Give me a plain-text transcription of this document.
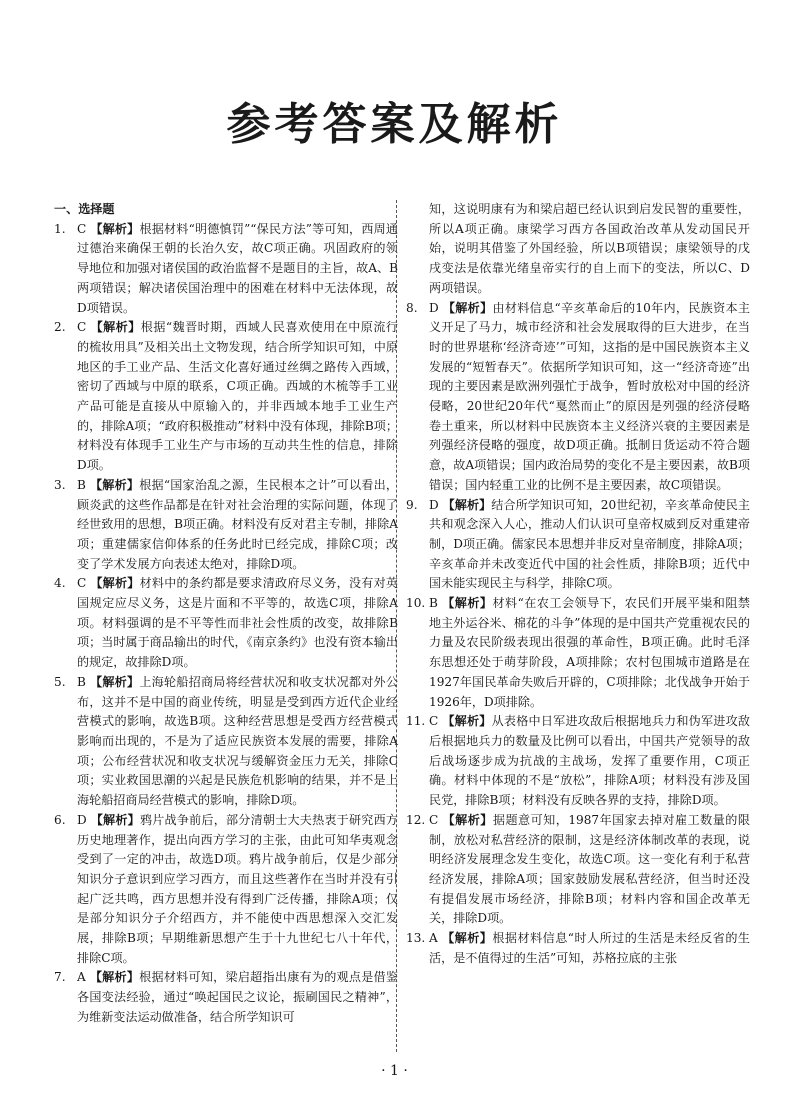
参考答案及解析

一、选择题

1. C 【解析】根据材料“明德慎罚”“保民方法”等可知，西周通过德治来确保王朝的长治久安，故C项正确。巩固政府的领导地位和加强对诸侯国的政治监督不是题目的主旨，故A、B两项错误；解决诸侯国治理中的困难在材料中无法体现，故D项错误。

2. C 【解析】根据“魏晋时期，西域人民喜欢使用在中原流行的梳妆用具”及相关出土文物发现，结合所学知识可知，中原地区的手工业产品、生活文化喜好通过丝绸之路传入西域，密切了西域与中原的联系，C项正确。西域的木梳等手工业产品可能是直接从中原输入的，并非西域本地手工业生产的，排除A项；“政府积极推动”材料中没有体现，排除B项；材料没有体现手工业生产与市场的互动共生性的信息，排除D项。

3. B 【解析】根据“国家治乱之源，生民根本之计”可以看出，顾炎武的这些作品都是在针对社会治理的实际问题，体现了经世致用的思想，B项正确。材料没有反对君主专制，排除A项；重建儒家信仰体系的任务此时已经完成，排除C项；改变了学术发展方向表述太绝对，排除D项。

4. C 【解析】材料中的条约都是要求清政府尽义务，没有对英国规定应尽义务，这是片面和不平等的，故选C项，排除A项。材料强调的是不平等性而非社会性质的改变，故排除B项；当时属于商品输出的时代，《南京条约》也没有资本输出的规定，故排除D项。

5. B 【解析】上海轮船招商局将经营状况和收支状况都对外公布，这并不是中国的商业传统，明显是受到西方近代企业经营模式的影响，故选B项。这种经营思想是受西方经营模式影响而出现的，不是为了适应民族资本发展的需要，排除A项；公布经营状况和收支状况与缓解资金压力无关，排除C项；实业救国思潮的兴起是民族危机影响的结果，并不是上海轮船招商局经营模式的影响，排除D项。

6. D 【解析】鸦片战争前后，部分清朝士大夫热衷于研究西方历史地理著作，提出向西方学习的主张，由此可知华夷观念受到了一定的冲击，故选D项。鸦片战争前后，仅是少部分知识分子意识到应学习西方，而且这些著作在当时并没有引起广泛共鸣，西方思想并没有得到广泛传播，排除A项；仅是部分知识分子介绍西方，并不能使中西思想深入交汇发展，排除B项；早期维新思想产生于十九世纪七八十年代，排除C项。

7. A 【解析】根据材料可知，梁启超指出康有为的观点是借鉴各国变法经验，通过“唤起国民之议论，振刷国民之精神”，为维新变法运动做准备，结合所学知识可

知，这说明康有为和梁启超已经认识到启发民智的重要性，所以A项正确。康梁学习西方各国政治改革从发动国民开始，说明其借鉴了外国经验，所以B项错误；康梁领导的戊戌变法是依靠光绪皇帝实行的自上而下的变法，所以C、D两项错误。

8. D 【解析】由材料信息“辛亥革命后的10年内，民族资本主义开足了马力，城市经济和社会发展取得的巨大进步，在当时的世界堪称‘经济奇迹’”可知，这指的是中国民族资本主义发展的“短暂春天”。依据所学知识可知，这一“经济奇迹”出现的主要因素是欧洲列强忙于战争，暂时放松对中国的经济侵略，20世纪20年代“戛然而止”的原因是列强的经济侵略卷土重来，所以材料中民族资本主义经济兴衰的主要因素是列强经济侵略的强度，故D项正确。抵制日货运动不符合题意，故A项错误；国内政治局势的变化不是主要因素，故B项错误；国内轻重工业的比例不是主要因素，故C项错误。

9. D 【解析】结合所学知识可知，20世纪初，辛亥革命使民主共和观念深入人心，推动人们认识可皇帝权威到反对重建帝制，D项正确。儒家民本思想并非反对皇帝制度，排除A项；辛亥革命并未改变近代中国的社会性质，排除B项；近代中国未能实现民主与科学，排除C项。

10. B 【解析】材料“在农工会领导下，农民们开展平粜和阻禁地主外运谷米、棉花的斗争”体现的是中国共产党重视农民的力量及农民阶级表现出很强的革命性，B项正确。此时毛泽东思想还处于萌芽阶段，A项排除；农村包围城市道路是在1927年国民革命失败后开辟的，C项排除；北伐战争开始于1926年，D项排除。

11. C 【解析】从表格中日军进攻敌后根据地兵力和伪军进攻敌后根据地兵力的数量及比例可以看出，中国共产党领导的敌后战场逐步成为抗战的主战场，发挥了重要作用，C项正确。材料中体现的不是“放松”，排除A项；材料没有涉及国民党，排除B项；材料没有反映各界的支持，排除D项。

12. C 【解析】据题意可知，1987年国家去掉对雇工数量的限制，放松对私营经济的限制，这是经济体制改革的表现，说明经济发展理念发生变化，故选C项。这一变化有利于私营经济发展，排除A项；国家鼓励发展私营经济，但当时还没有提倡发展市场经济，排除B项；材料内容和国企改革无关，排除D项。

13. A 【解析】根据材料信息“时人所过的生活是未经反省的生活，是不值得过的生活”可知，苏格拉底的主张

· 1 ·
